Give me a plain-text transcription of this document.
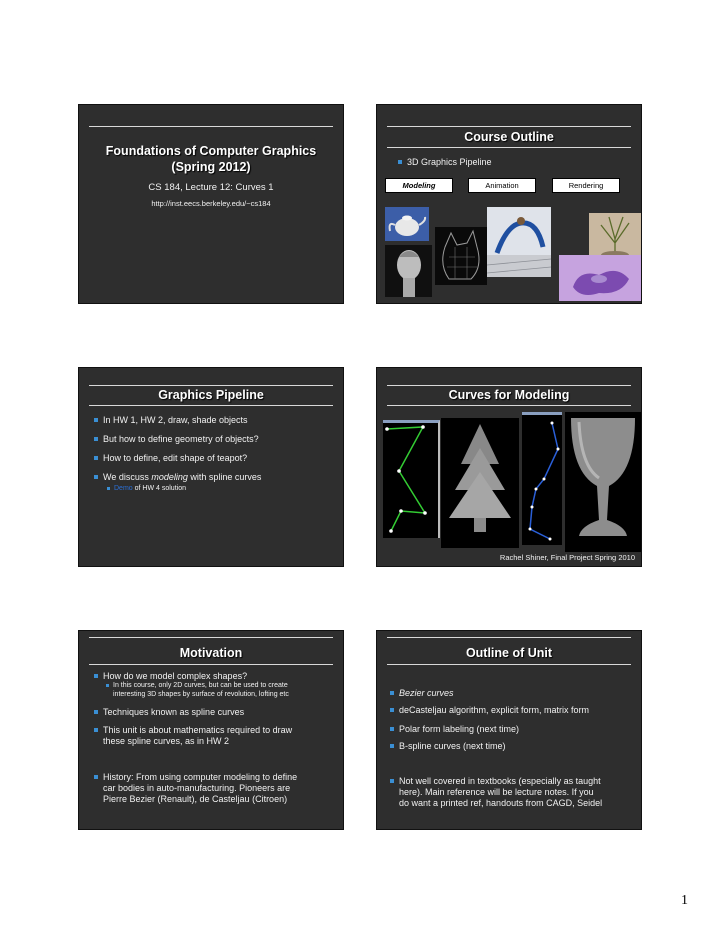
Foundations of Computer Graphics
(Spring 2012)
CS 184, Lecture 12: Curves 1
http://inst.eecs.berkeley.edu/~cs184
Course Outline
3D Graphics Pipeline
Modeling	Animation	Rendering
Graphics Pipeline
In HW 1, HW 2, draw, shade objects
But how to define geometry of objects?
How to define, edit shape of teapot?
We discuss modeling with spline curves
Demo of HW 4 solution
Curves for Modeling
Rachel Shiner, Final Project Spring 2010
Motivation
How do we model complex shapes?
In this course, only 2D curves, but can be used to create
interesting 3D shapes by surface of revolution, lofting etc
Techniques known as spline curves
This unit is about mathematics required to draw
these spline curves, as in HW 2
History: From using computer modeling to define
car bodies in auto-manufacturing. Pioneers are
Pierre Bezier (Renault), de Casteljau (Citroen)
Outline of Unit
Bezier curves
deCasteljau algorithm, explicit form, matrix form
Polar form labeling (next time)
B-spline curves (next time)
Not well covered in textbooks (especially as taught
here). Main reference will be lecture notes. If you
do want a printed ref, handouts from CAGD, Seidel
1
